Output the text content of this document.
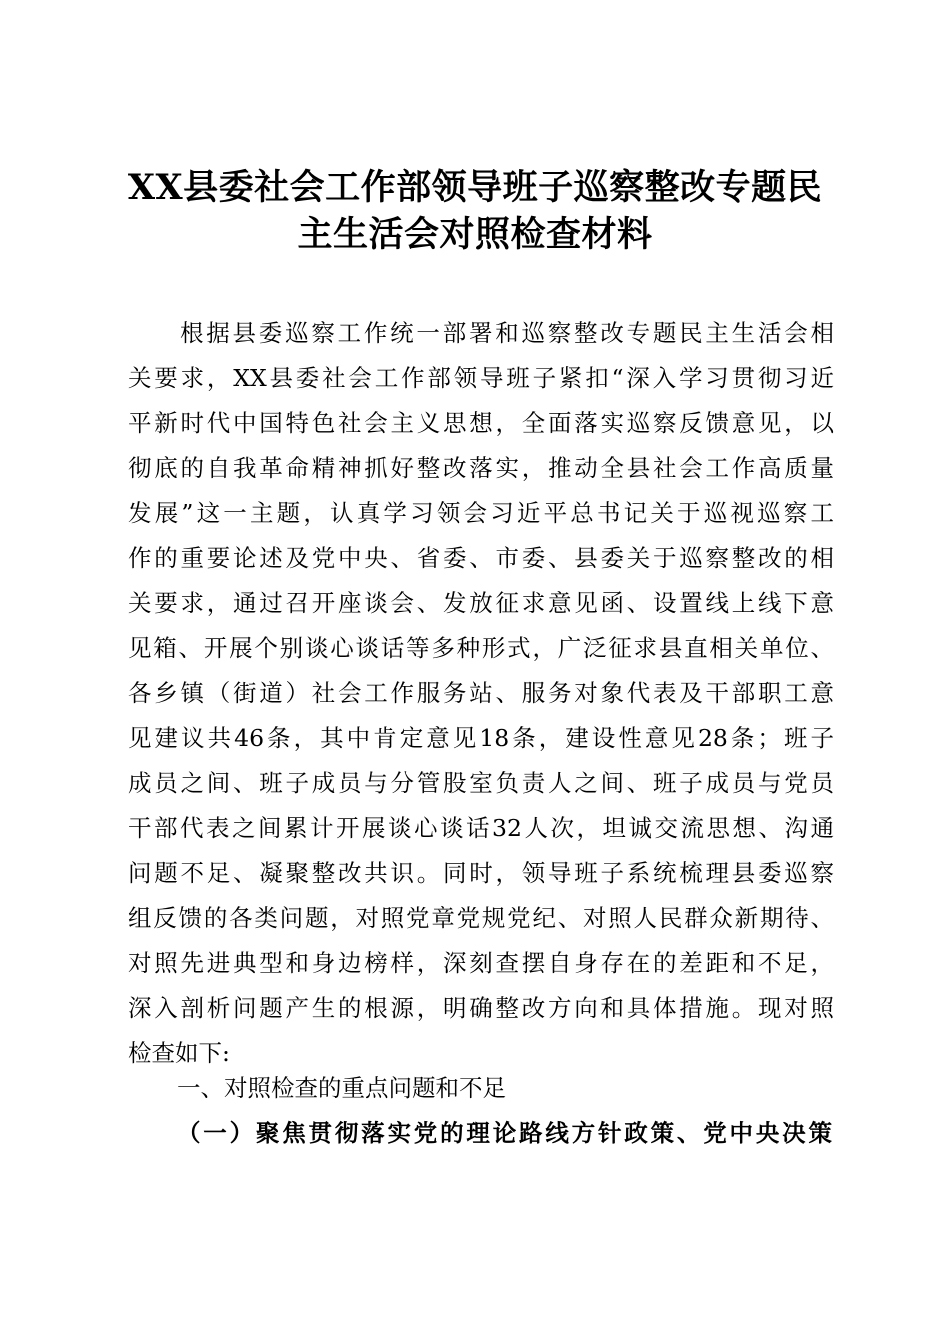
XX县委社会工作部领导班子巡察整改专题民
主生活会对照检查材料
根据县委巡察工作统一部署和巡察整改专题民主生活会相
关要求，XX县委社会工作部领导班子紧扣“深入学习贯彻习近
平新时代中国特色社会主义思想，全面落实巡察反馈意见，以
彻底的自我革命精神抓好整改落实，推动全县社会工作高质量
发展”这一主题，认真学习领会习近平总书记关于巡视巡察工
作的重要论述及党中央、省委、市委、县委关于巡察整改的相
关要求，通过召开座谈会、发放征求意见函、设置线上线下意
见箱、开展个别谈心谈话等多种形式，广泛征求县直相关单位、
各乡镇（街道）社会工作服务站、服务对象代表及干部职工意
见建议共46条，其中肯定意见18条，建设性意见28条；班子
成员之间、班子成员与分管股室负责人之间、班子成员与党员
干部代表之间累计开展谈心谈话32人次，坦诚交流思想、沟通
问题不足、凝聚整改共识。同时，领导班子系统梳理县委巡察
组反馈的各类问题，对照党章党规党纪、对照人民群众新期待、
对照先进典型和身边榜样，深刻查摆自身存在的差距和不足，
深入剖析问题产生的根源，明确整改方向和具体措施。现对照
检查如下:
一、对照检查的重点问题和不足
（一）聚焦贯彻落实党的理论路线方针政策、党中央决策
